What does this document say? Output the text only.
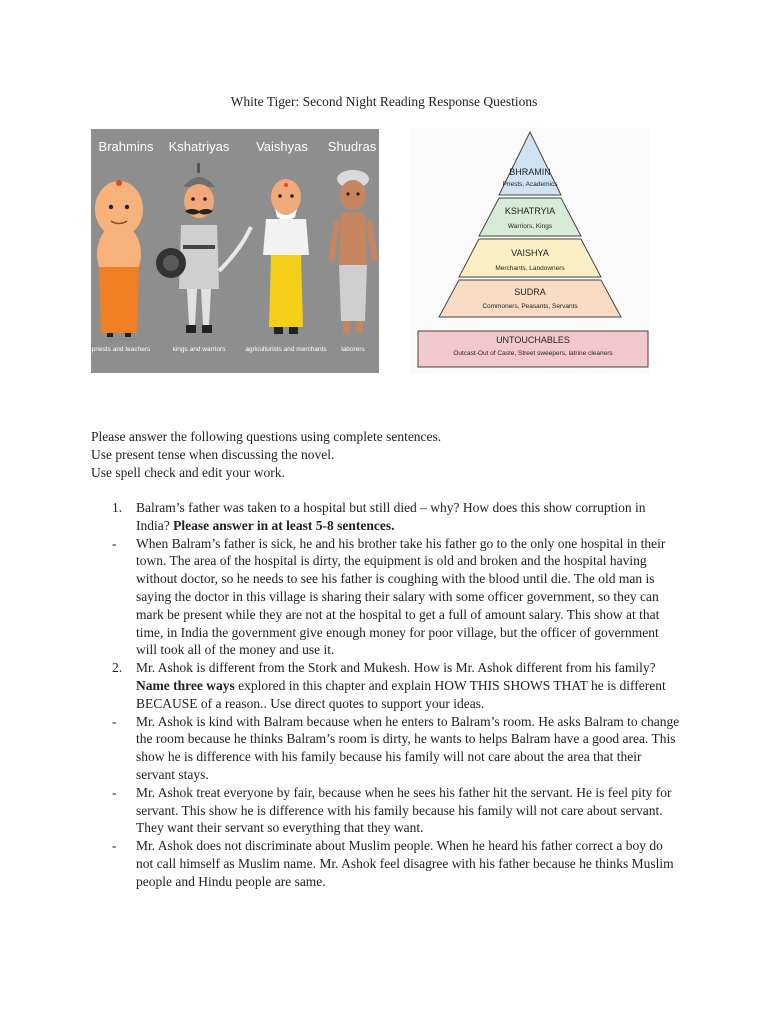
White Tiger: Second Night Reading Response Questions
Brahmins Kshatriyas Vaishyas Shudras
priests and teachers	kings and warriors	agriculturists and merchants laborers
BHRAMIN
Priests, Academics
KSHATRYIA
Warriors, Kings
VAISHYA
Merchants, Landowners
SUDRA
Commoners, Peasants, Servants
UNTOUCHABLES
Outcast-Out of Caste, Street sweepers, latrine cleaners
Please answer the following questions using complete sentences.
Use present tense when discussing the novel.
Use spell check and edit your work.
1.	Balram’s father was taken to a hospital but still died – why? How does this show corruption in India? Please answer in at least 5-8 sentences.

-	When Balram’s father is sick, he and his brother take his father go to the only one hospital in their town. The area of the hospital is dirty, the equipment is old and broken and the hospital having without doctor, so he needs to see his father is coughing with the blood until die. The old man is saying the doctor in this village is sharing their salary with some officer government, so they can mark be present while they are not at the hospital to get a full of amount salary. This show at that time, in India the government give enough money for poor village, but the officer of government will took all of the money and use it.

2.	Mr. Ashok is different from the Stork and Mukesh. How is Mr. Ashok different from his family? Name three ways explored in this chapter and explain HOW THIS SHOWS THAT he is different BECAUSE of a reason.. Use direct quotes to support your ideas.

-	Mr. Ashok is kind with Balram because when he enters to Balram’s room. He asks Balram to change the room because he thinks Balram’s room is dirty, he wants to helps Balram have a good area. This show he is difference with his family because his family will not care about the area that their servant stays.

-	Mr. Ashok treat everyone by fair, because when he sees his father hit the servant. He is feel pity for servant. This show he is difference with his family because his family will not care about servant. They want their servant so everything that they want.

-	Mr. Ashok does not discriminate about Muslim people. When he heard his father correct a boy do not call himself as Muslim name. Mr. Ashok feel disagree with his father because he thinks Muslim people and Hindu people are same.
